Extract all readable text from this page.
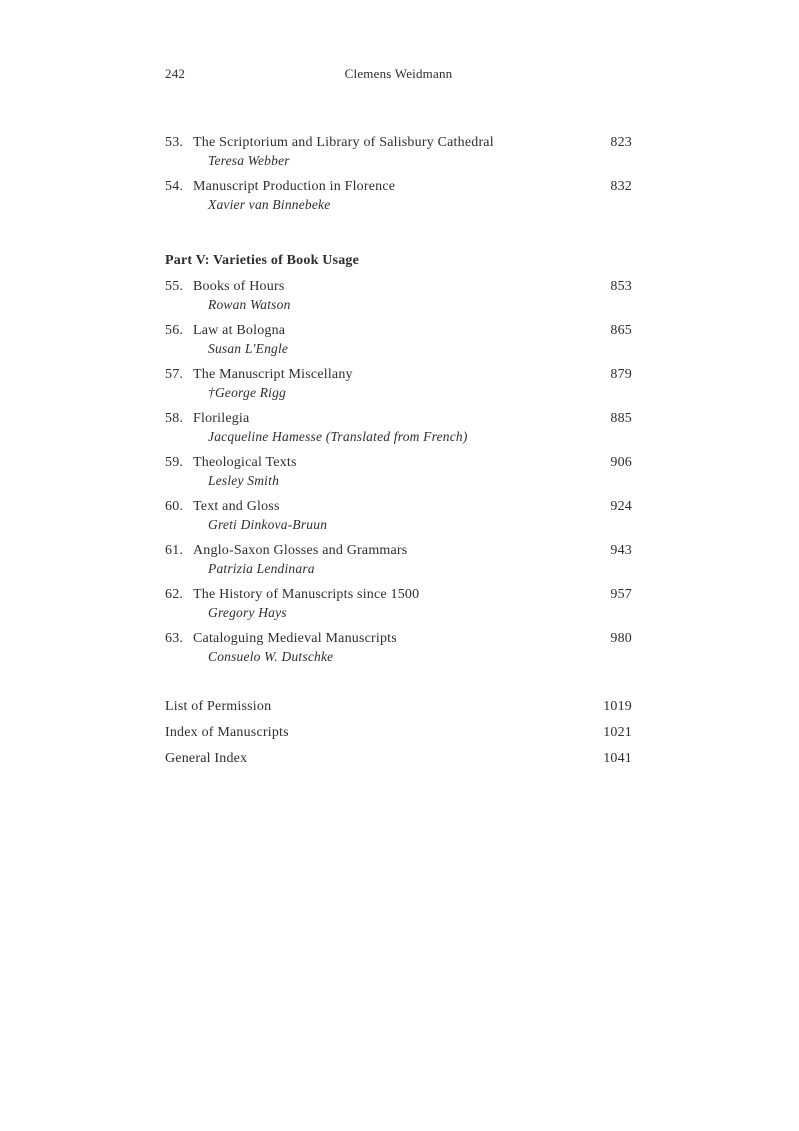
242	Clemens Weidmann
53. The Scriptorium and Library of Salisbury Cathedral	823
Teresa Webber
54. Manuscript Production in Florence	832
Xavier van Binnebeke
Part V: Varieties of Book Usage
55. Books of Hours	853
Rowan Watson
56. Law at Bologna	865
Susan L'Engle
57. The Manuscript Miscellany	879
†George Rigg
58. Florilegia	885
Jacqueline Hamesse (Translated from French)
59. Theological Texts	906
Lesley Smith
60. Text and Gloss	924
Greti Dinkova-Bruun
61. Anglo-Saxon Glosses and Grammars	943
Patrizia Lendinara
62. The History of Manuscripts since 1500	957
Gregory Hays
63. Cataloguing Medieval Manuscripts	980
Consuelo W. Dutschke
List of Permission	1019
Index of Manuscripts	1021
General Index	1041
